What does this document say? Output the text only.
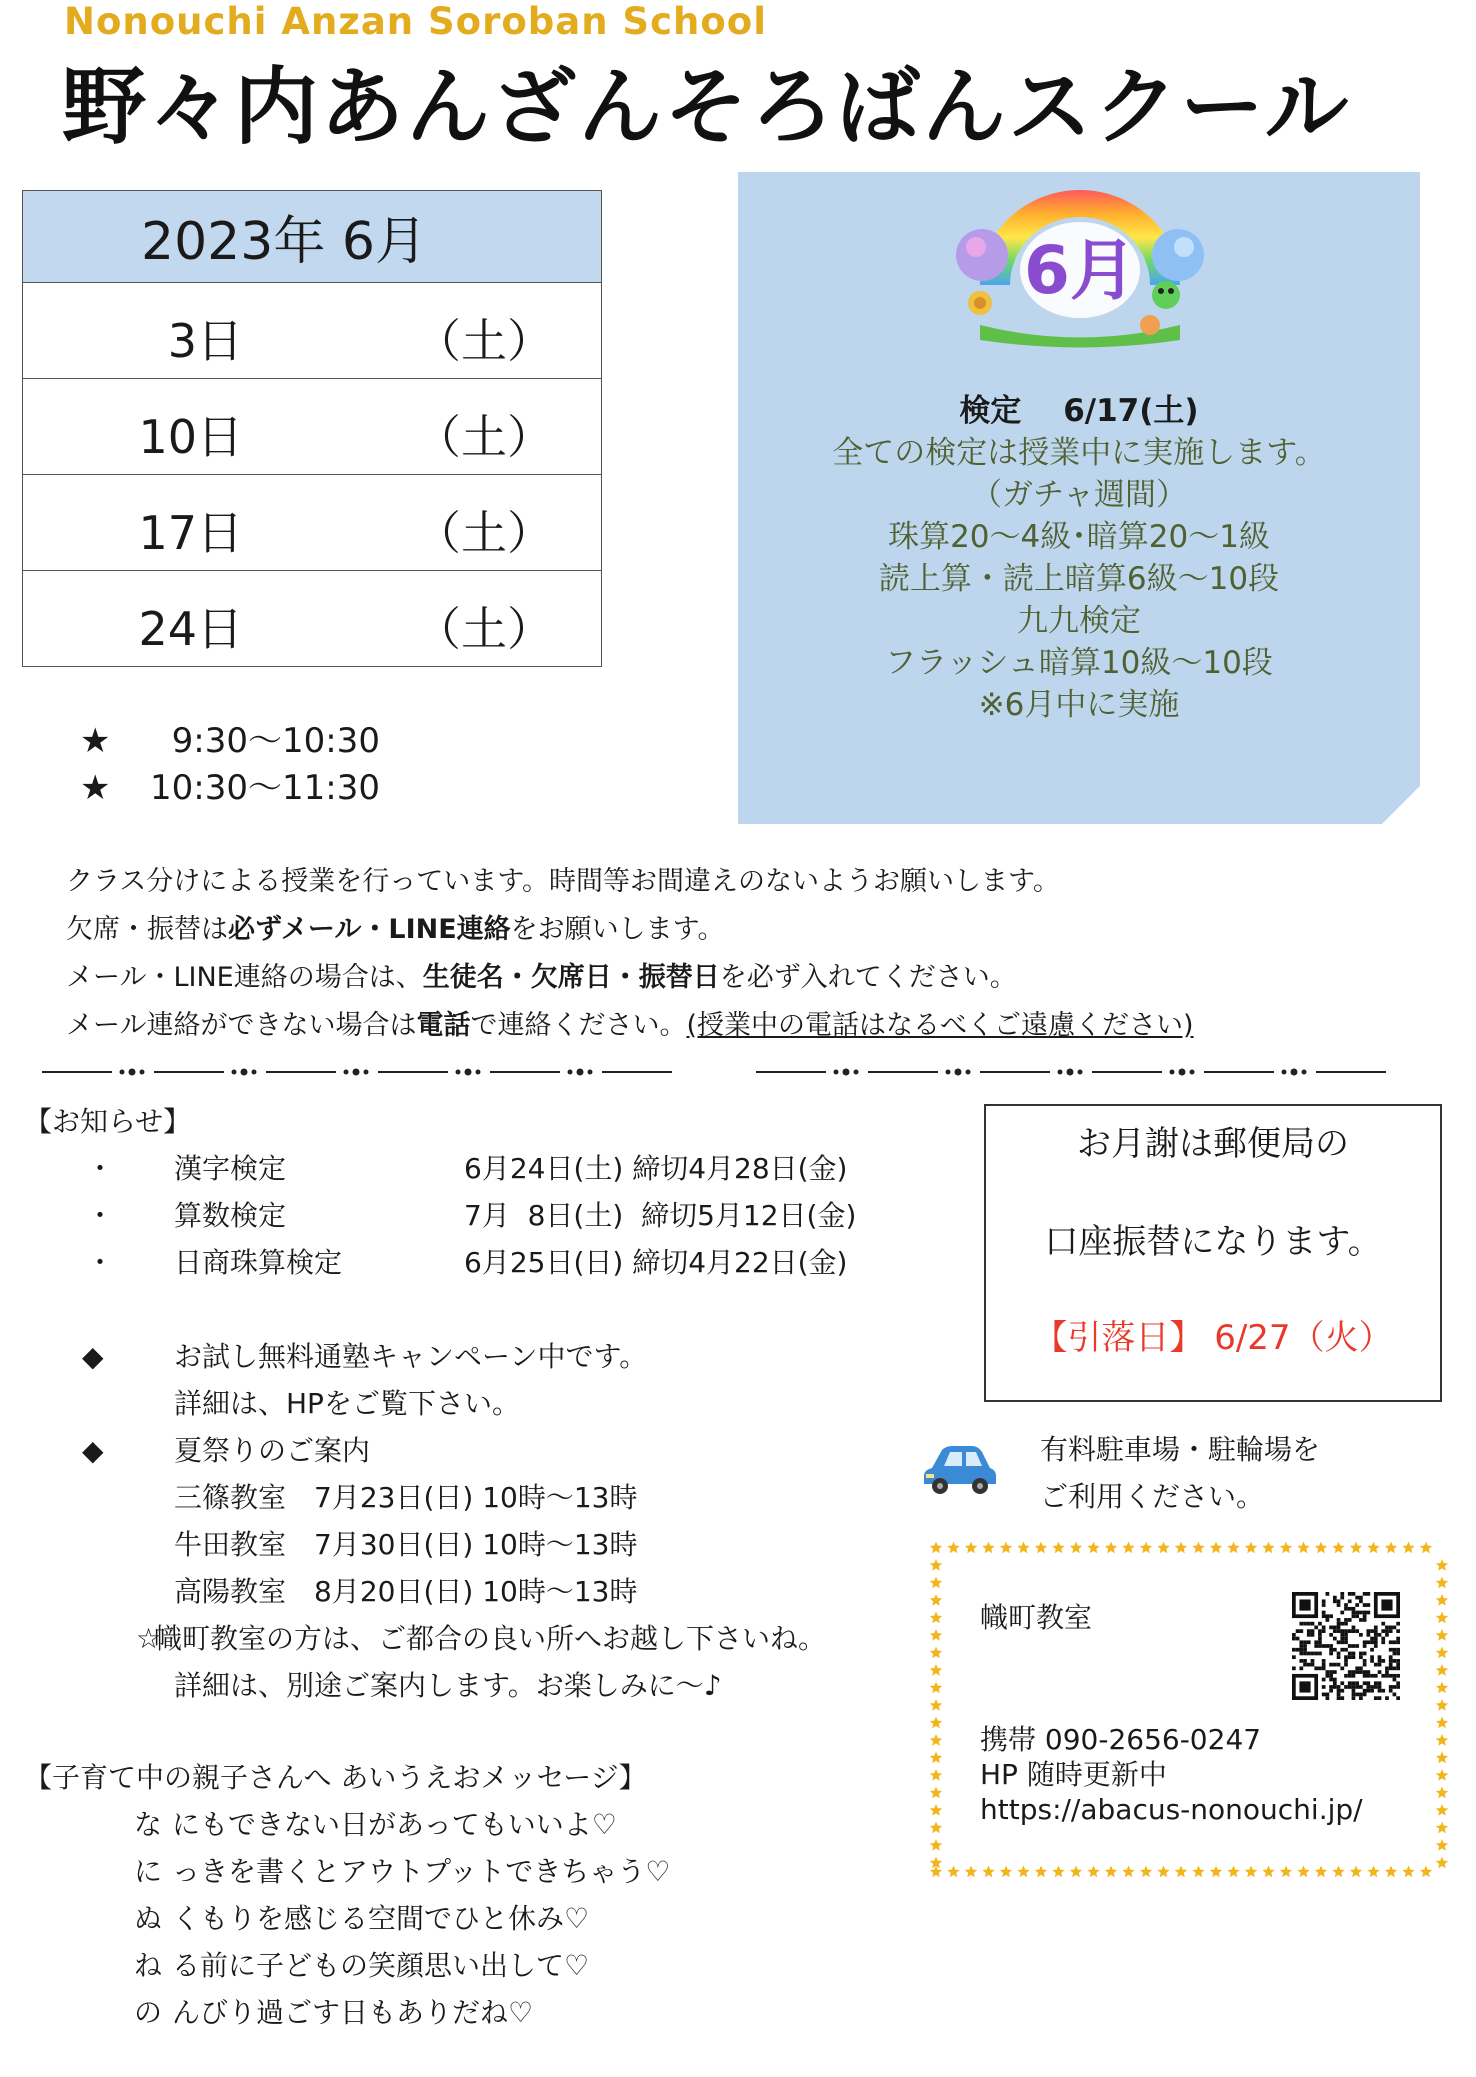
Nonouchi Anzan Soroban School
野々内あんざんそろばんスクール
2023年 6月
3日	（土）
10日	（土）
17日	（土）
24日	（土）
★	9:30～10:30
★	10:30～11:30
6月
検定　 6/17(土)
全ての検定は授業中に実施します。
（ガチャ週間）
珠算20～4級･暗算20～1級
読上算・読上暗算6級～10段
九九検定
フラッシュ暗算10級～10段
※6月中に実施
クラス分けによる授業を行っています。時間等お間違えのないようお願いします。
欠席・振替は必ずメール・LINE連絡をお願いします。
メール・LINE連絡の場合は、生徒名・欠席日・振替日を必ず入れてください。
メール連絡ができない場合は電話で連絡ください。(授業中の電話はなるべくご遠慮ください)
【お知らせ】
・	漢字検定	6月24日(土) 締切4月28日(金)
・	算数検定	7月  8日(土)  締切5月12日(金)
・	日商珠算検定	6月25日(日) 締切4月22日(金)
◆	お試し無料通塾キャンペーン中です。
詳細は、HPをご覧下さい。
◆	夏祭りのご案内
三篠教室　7月23日(日) 10時～13時
牛田教室　7月30日(日) 10時～13時
高陽教室　8月20日(日) 10時～13時
☆
幟町教室の方は、ご都合の良い所へお越し下さいね。
詳細は、別途ご案内します。お楽しみに～♪
【子育て中の親子さんへ あいうえおメッセージ】
な にもできない日があってもいいよ♡
に っきを書くとアウトプットできちゃう♡
ぬ くもりを感じる空間でひと休み♡
ね る前に子どもの笑顔思い出して♡
の んびり過ごす日もありだね♡
お月謝は郵便局の
口座振替になります。
【引落日】 6/27（火）
有料駐車場・駐輪場を
ご利用ください。
幟町教室
携帯 090-2656-0247
HP 随時更新中
https://abacus-nonouchi.jp/
